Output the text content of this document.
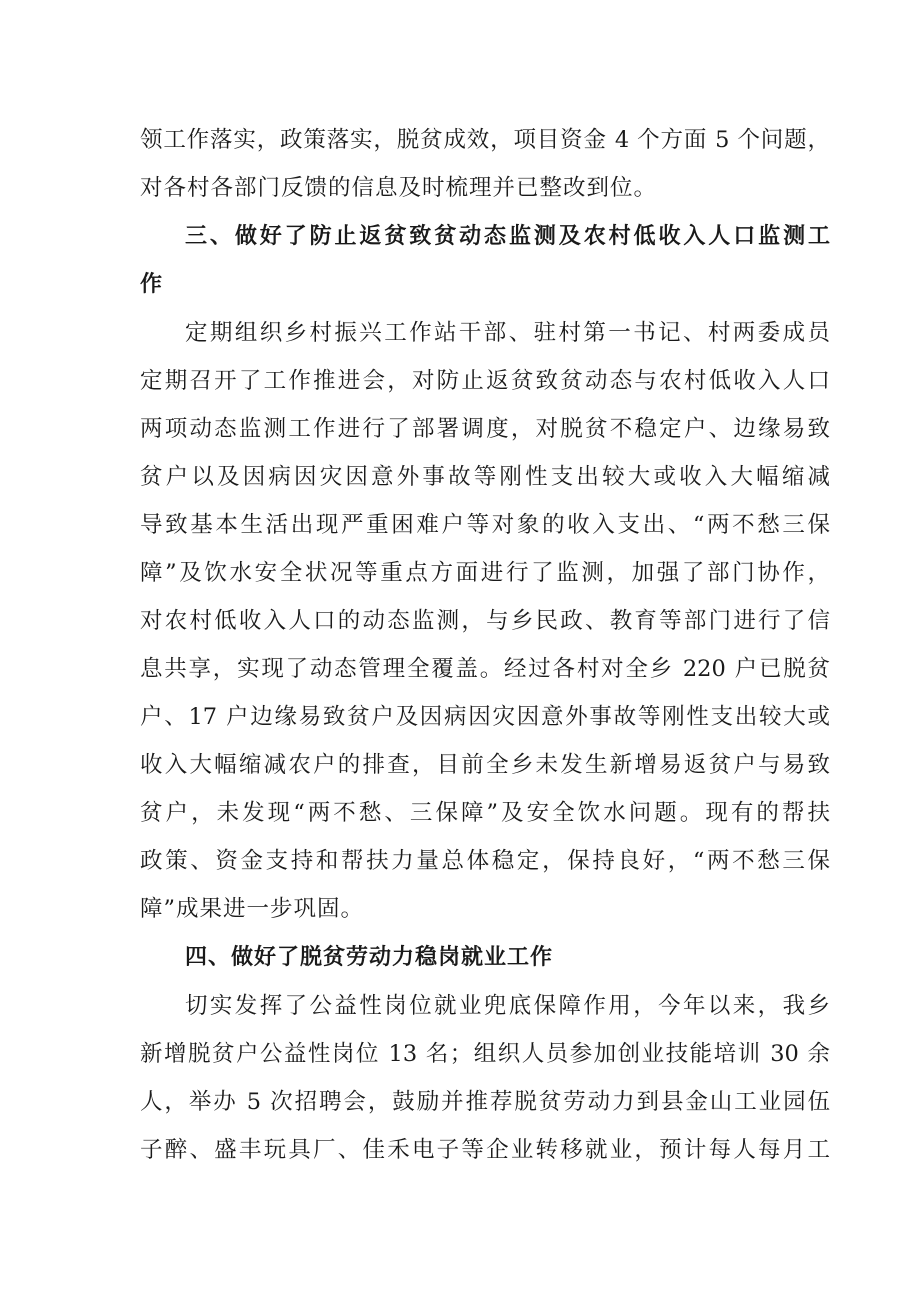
领工作落实，政策落实，脱贫成效，项目资金 4 个方面 5 个问题，
对各村各部门反馈的信息及时梳理并已整改到位。
三、做好了防止返贫致贫动态监测及农村低收入人口监测工
作
定期组织乡村振兴工作站干部、驻村第一书记、村两委成员
定期召开了工作推进会，对防止返贫致贫动态与农村低收入人口
两项动态监测工作进行了部署调度，对脱贫不稳定户、边缘易致
贫户以及因病因灾因意外事故等刚性支出较大或收入大幅缩减
导致基本生活出现严重困难户等对象的收入支出、“两不愁三保
障”及饮水安全状况等重点方面进行了监测，加强了部门协作，
对农村低收入人口的动态监测，与乡民政、教育等部门进行了信
息共享，实现了动态管理全覆盖。经过各村对全乡 220 户已脱贫
户、17 户边缘易致贫户及因病因灾因意外事故等刚性支出较大或
收入大幅缩减农户的排查，目前全乡未发生新增易返贫户与易致
贫户，未发现“两不愁、三保障”及安全饮水问题。现有的帮扶
政策、资金支持和帮扶力量总体稳定，保持良好，“两不愁三保
障”成果进一步巩固。
四、做好了脱贫劳动力稳岗就业工作
切实发挥了公益性岗位就业兜底保障作用，今年以来，我乡
新增脱贫户公益性岗位 13 名；组织人员参加创业技能培训 30 余
人，举办 5 次招聘会，鼓励并推荐脱贫劳动力到县金山工业园伍
子醉、盛丰玩具厂、佳禾电子等企业转移就业，预计每人每月工
